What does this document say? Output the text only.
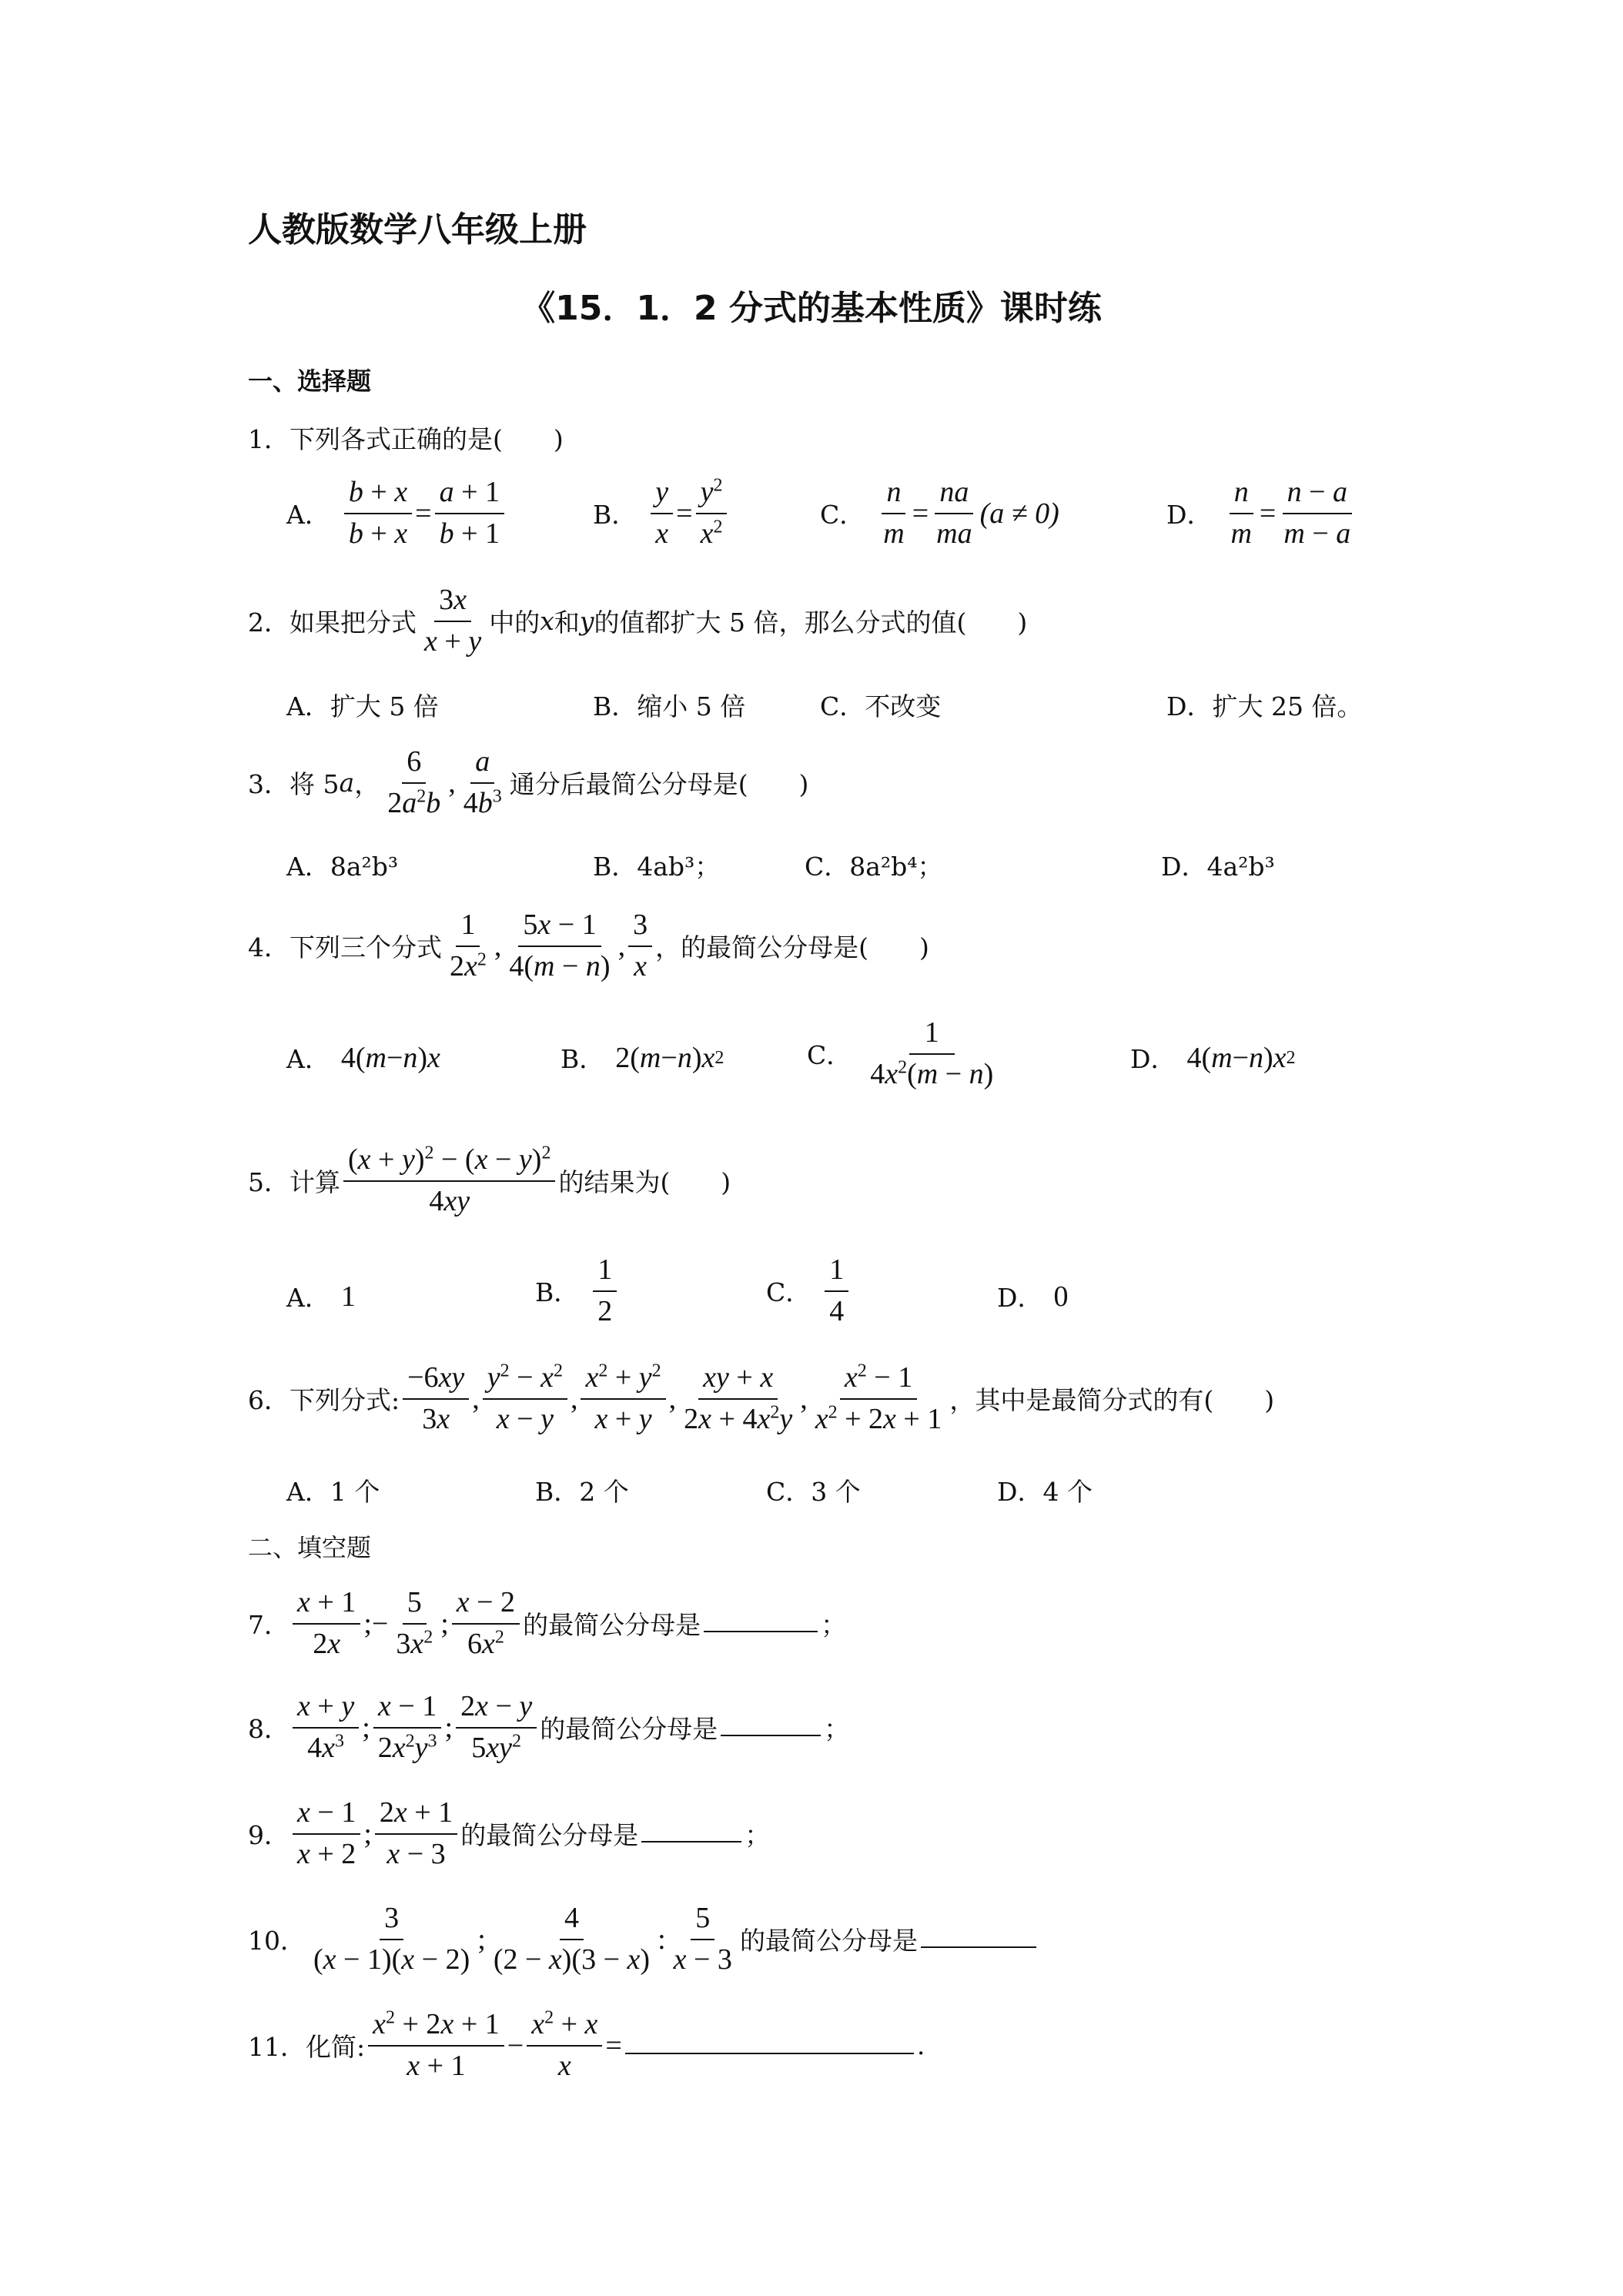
人教版数学八年级上册
《15．1．2 分式的基本性质》课时练
一、选择题
1． 下列各式正确的是(　　)
A． $\frac{b + x}{b + x} = \frac{a + 1}{b + 1}$	B． $\frac{y}{x} = \frac{y^2}{x^2}$	C． $\frac{n}{m} = \frac{na}{ma} (a \ne 0)$	D． $\frac{n}{m} = \frac{n - a}{m - a}$
2． 如果把分式 $\frac{3x}{x + y}$ 中的 x 和 y 的值都扩大 5 倍，那么分式的值(　　)
A．扩大 5 倍	B．缩小 5 倍	C．不改变	D．扩大 25 倍。
3． 将 5 a ， $\frac{6}{2a^2b}$ , $\frac{a}{4b^3}$ 通分后最简公分母是(　　)
A．8a²b³	B．4ab³；	C．8a²b⁴；	D．4a²b³
4． 下列三个分式 $\frac{1}{2x^2}$ , $\frac{5x - 1}{4(m - n)}$ , $\frac{3}{x}$ ，的最简公分母是(　　)
A． 4( m − n ) x	B． 2( m − n ) x 2	C． $\frac{1}{4x^2(m - n)}$	D． 4( m − n ) x 2
5． 计算 $\frac{(x + y)^2 - (x - y)^2}{4xy}$ 的结果为(　　)
A． 1	B． $\frac{1}{2}$	C． $\frac{1}{4}$	D． 0
6． 下列分式: $\frac{-6xy}{3x}$ , $\frac{y^2 - x^2}{x - y}$ , $\frac{x^2 + y^2}{x + y}$ , $\frac{xy + x}{2x + 4x^2y}$ , $\frac{x^2 - 1}{x^2 + 2x + 1}$ ，其中是最简分式的有(　　)
A．1 个	B．2 个	C．3 个	D．4 个
二、填空题
7． $\frac{x + 1}{2x}$ ;− $\frac{5}{3x^2}$ ; $\frac{x - 2}{6x^2}$ 的最简公分母是	；
8． $\frac{x + y}{4x^3}$ ; $\frac{x - 1}{2x^2y^3}$ ; $\frac{2x - y}{5xy^2}$ 的最简公分母是	；
9． $\frac{x - 1}{x + 2}$ ; $\frac{2x + 1}{x - 3}$ 的最简公分母是	；
10． $\frac{3}{(x - 1)(x - 2)}$ ; $\frac{4}{(2 - x)(3 - x)}$ : $\frac{5}{x - 3}$ 的最简公分母是
11． 化简: $\frac{x^2 + 2x + 1}{x + 1} - \frac{x^2 + x}{x}$ =	.
